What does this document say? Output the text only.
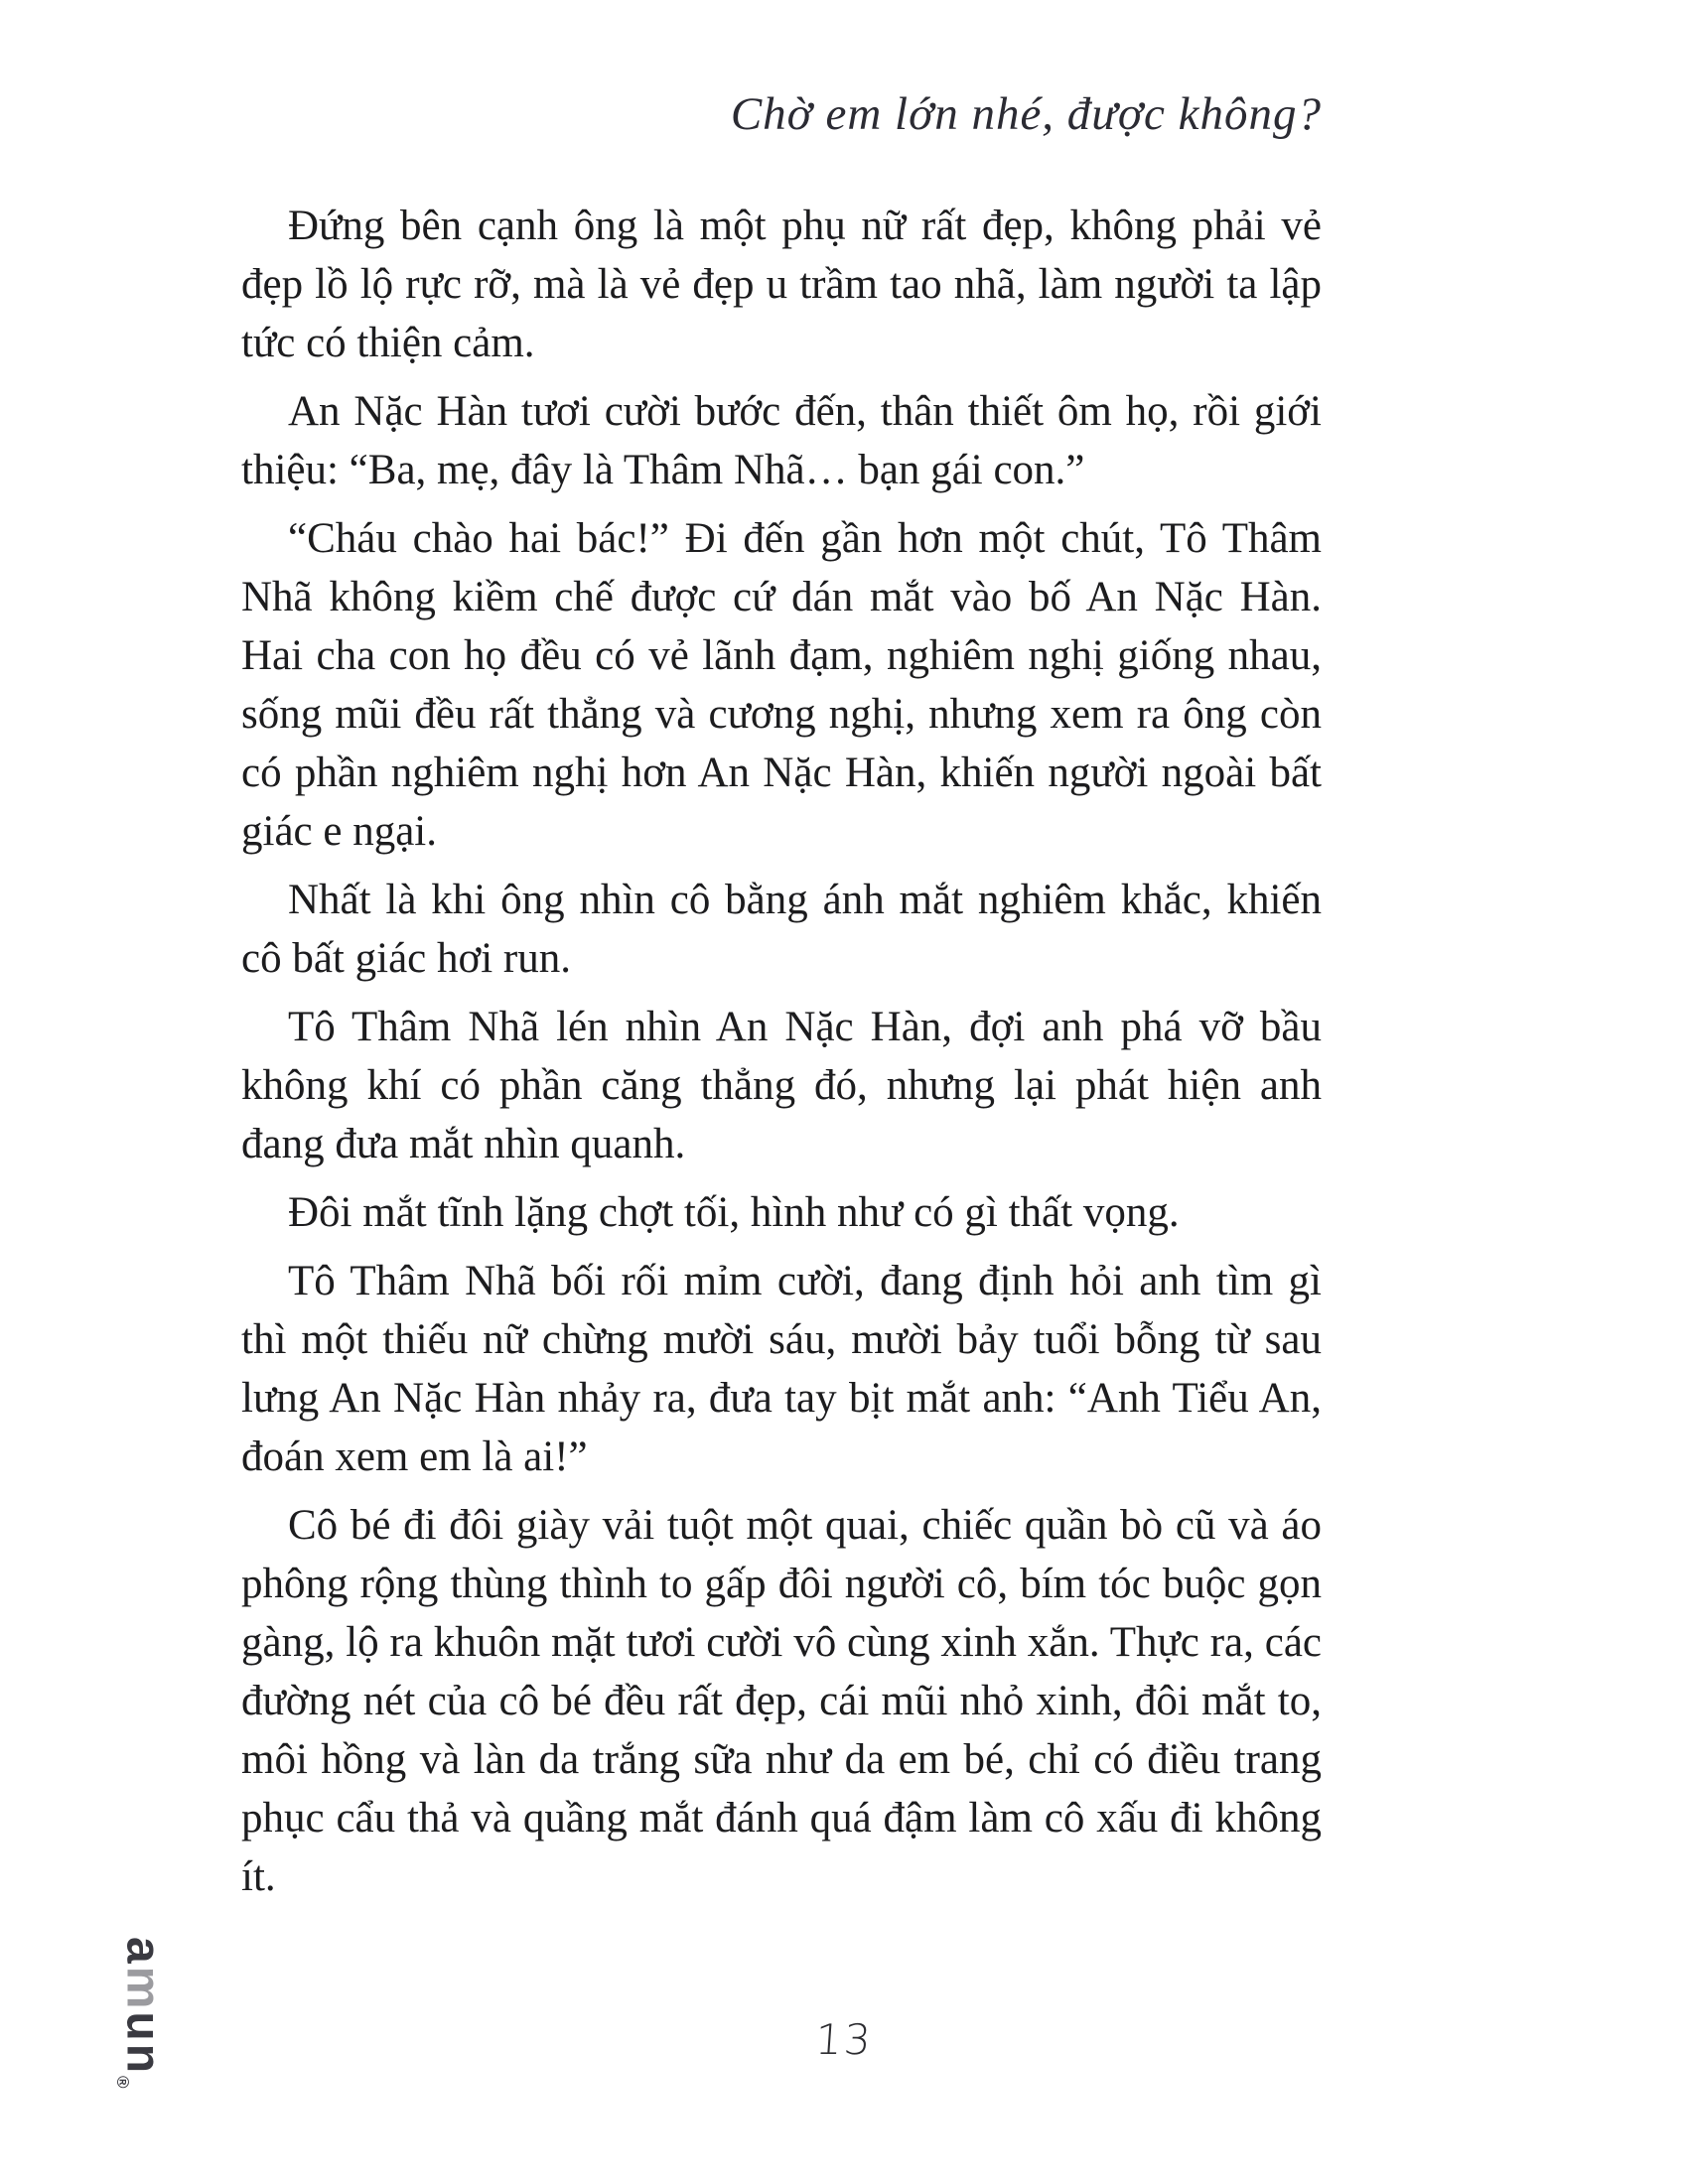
Chờ em lớn nhé, được không?

Đứng bên cạnh ông là một phụ nữ rất đẹp, không phải vẻ đẹp lồ lộ rực rỡ, mà là vẻ đẹp u trầm tao nhã, làm người ta lập tức có thiện cảm.

An Nặc Hàn tươi cười bước đến, thân thiết ôm họ, rồi giới thiệu: “Ba, mẹ, đây là Thâm Nhã… bạn gái con.”

“Cháu chào hai bác!” Đi đến gần hơn một chút, Tô Thâm Nhã không kiềm chế được cứ dán mắt vào bố An Nặc Hàn. Hai cha con họ đều có vẻ lãnh đạm, nghiêm nghị giống nhau, sống mũi đều rất thẳng và cương nghị, nhưng xem ra ông còn có phần nghiêm nghị hơn An Nặc Hàn, khiến người ngoài bất giác e ngại.

Nhất là khi ông nhìn cô bằng ánh mắt nghiêm khắc, khiến cô bất giác hơi run.

Tô Thâm Nhã lén nhìn An Nặc Hàn, đợi anh phá vỡ bầu không khí có phần căng thẳng đó, nhưng lại phát hiện anh đang đưa mắt nhìn quanh.

Đôi mắt tĩnh lặng chợt tối, hình như có gì thất vọng.

Tô Thâm Nhã bối rối mỉm cười, đang định hỏi anh tìm gì thì một thiếu nữ chừng mười sáu, mười bảy tuổi bỗng từ sau lưng An Nặc Hàn nhảy ra, đưa tay bịt mắt anh: “Anh Tiểu An, đoán xem em là ai!”

Cô bé đi đôi giày vải tuột một quai, chiếc quần bò cũ và áo phông rộng thùng thình to gấp đôi người cô, bím tóc buộc gọn gàng, lộ ra khuôn mặt tươi cười vô cùng xinh xắn. Thực ra, các đường nét của cô bé đều rất đẹp, cái mũi nhỏ xinh, đôi mắt to, môi hồng và làn da trắng sữa như da em bé, chỉ có điều trang phục cẩu thả và quầng mắt đánh quá đậm làm cô xấu đi không ít.

amun$_®$
13
